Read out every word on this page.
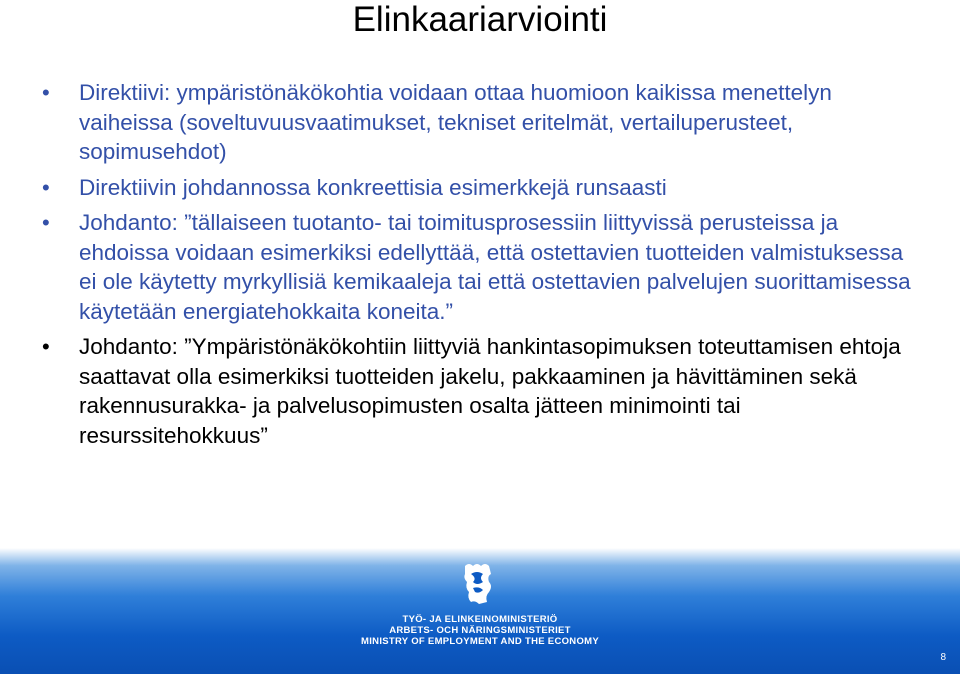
Elinkaariarviointi
• Direktiivi: ympäristönäkökohtia voidaan ottaa huomioon kaikissa menettelyn vaiheissa (soveltuvuusvaatimukset, tekniset eritelmät, vertailuperusteet, sopimusehdot)
• Direktiivin johdannossa konkreettisia esimerkkejä runsaasti
• Johdanto: ”tällaiseen tuotanto- tai toimitusprosessiin liittyvissä perusteissa ja ehdoissa voidaan esimerkiksi edellyttää, että ostettavien tuotteiden valmistuksessa ei ole käytetty myrkyllisiä kemikaaleja tai että ostettavien palvelujen suorittamisessa käytetään energiatehokkaita koneita.”
• Johdanto: ”Ympäristönäkökohtiin liittyviä hankintasopimuksen toteuttamisen ehtoja saattavat olla esimerkiksi tuotteiden jakelu, pakkaaminen ja hävittäminen sekä rakennusurakka- ja palvelusopimusten osalta jätteen minimointi tai resurssitehokkuus”

TYÖ- JA ELINKEINOMINISTERIÖ

ARBETS- OCH NÄRINGSMINISTERIET

MINISTRY OF EMPLOYMENT AND THE ECONOMY

8
